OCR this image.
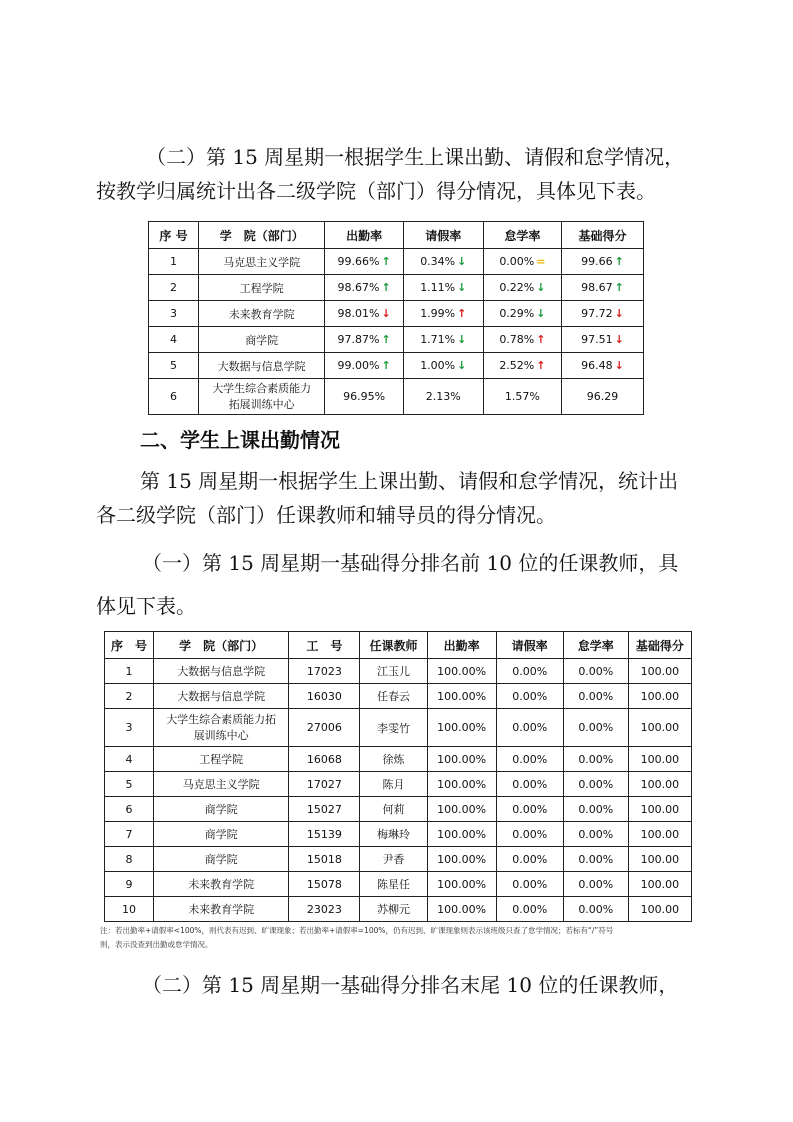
（二）第 15 周星期一根据学生上课出勤、请假和怠学情况，
按教学归属统计出各二级学院（部门）得分情况，具体见下表。

序 号	学　院（部门）	出勤率	请假率	怠学率	基础得分
1	马克思主义学院	99.66% ↑	0.34% ↓	0.00% =	99.66 ↑
2	工程学院	98.67% ↑	1.11% ↓	0.22% ↓	98.67 ↑
3	未来教育学院	98.01% ↓	1.99% ↑	0.29% ↓	97.72 ↓
4	商学院	97.87% ↑	1.71% ↓	0.78% ↑	97.51 ↓
5	大数据与信息学院	99.00% ↑	1.00% ↓	2.52% ↑	96.48 ↓
6	大学生综合素质能力拓展训练中心	96.95%	2.13%	1.57%	96.29

二、学生上课出勤情况

第 15 周星期一根据学生上课出勤、请假和怠学情况，统计出
各二级学院（部门）任课教师和辅导员的得分情况。

（一）第 15 周星期一基础得分排名前 10 位的任课教师，具
体见下表。

序　号	学　院（部门）	工　号	任课教师	出勤率	请假率	怠学率	基础得分
1	大数据与信息学院	17023	江玉儿	100.00%	0.00%	0.00%	100.00
2	大数据与信息学院	16030	任春云	100.00%	0.00%	0.00%	100.00
3	大学生综合素质能力拓展训练中心	27006	李雯竹	100.00%	0.00%	0.00%	100.00
4	工程学院	16068	徐炼	100.00%	0.00%	0.00%	100.00
5	马克思主义学院	17027	陈月	100.00%	0.00%	0.00%	100.00
6	商学院	15027	何莉	100.00%	0.00%	0.00%	100.00
7	商学院	15139	梅琳玲	100.00%	0.00%	0.00%	100.00
8	商学院	15018	尹香	100.00%	0.00%	0.00%	100.00
9	未来教育学院	15078	陈星任	100.00%	0.00%	0.00%	100.00
10	未来教育学院	23023	苏柳元	100.00%	0.00%	0.00%	100.00

注：若出勤率+请假率<100%，则代表有迟到、旷课现象；若出勤率+请假率=100%，仍有迟到、旷课现象则表示该班级只查了怠学情况；若标有“/”符号
则，表示没查到出勤或怠学情况。

（二）第 15 周星期一基础得分排名末尾 10 位的任课教师，
